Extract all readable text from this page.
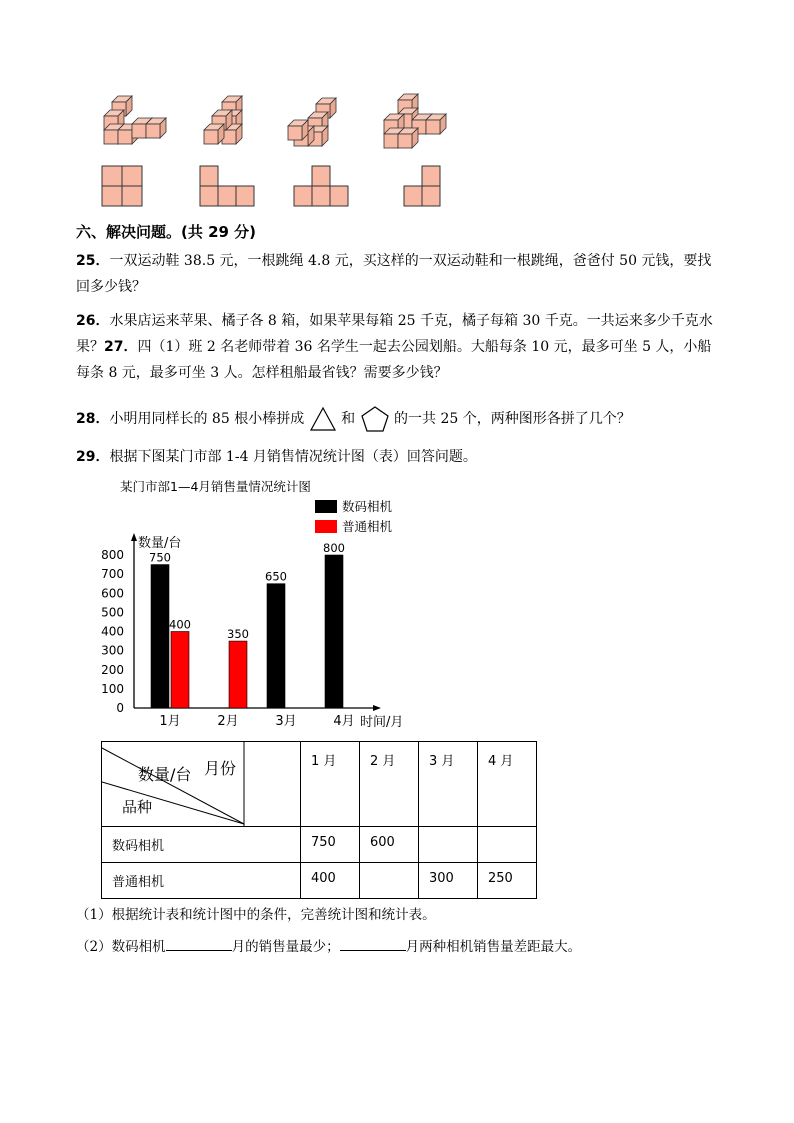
六、解决问题。(共 29 分)
25．一双运动鞋 38.5 元，一根跳绳 4.8 元，买这样的一双运动鞋和一根跳绳，爸爸付 50 元钱，要找回多少钱？
26．水果店运来苹果、橘子各 8 箱，如果苹果每箱 25 千克，橘子每箱 30 千克。一共运来多少千克水果？27．四（1）班 2 名老师带着 36 名学生一起去公园划船。大船每条 10 元，最多可坐 5 人，小船每条 8 元，最多可坐 3 人。怎样租船最省钱？需要多少钱？
28．小明用同样长的 85 根小棒拼成	和	的一共 25 个，两种图形各拼了几个？
29．根据下图某门市部 1-4 月销售情况统计图（表）回答问题。
某门市部1—4月销售量情况统计图
数码相机
普通相机
数量/台
时间/月
0
100
200
300
400
500
600
700
800
1月	2月	3月	4月
750
400
350
650
800
月份
数量/台
品种	1 月	2 月	3 月	4 月

数码相机	750	600		

普通相机	400		300	250
（1）根据统计表和统计图中的条件，完善统计图和统计表。
（2）数码相机	月的销售量最少；	月两种相机销售量差距最大。
